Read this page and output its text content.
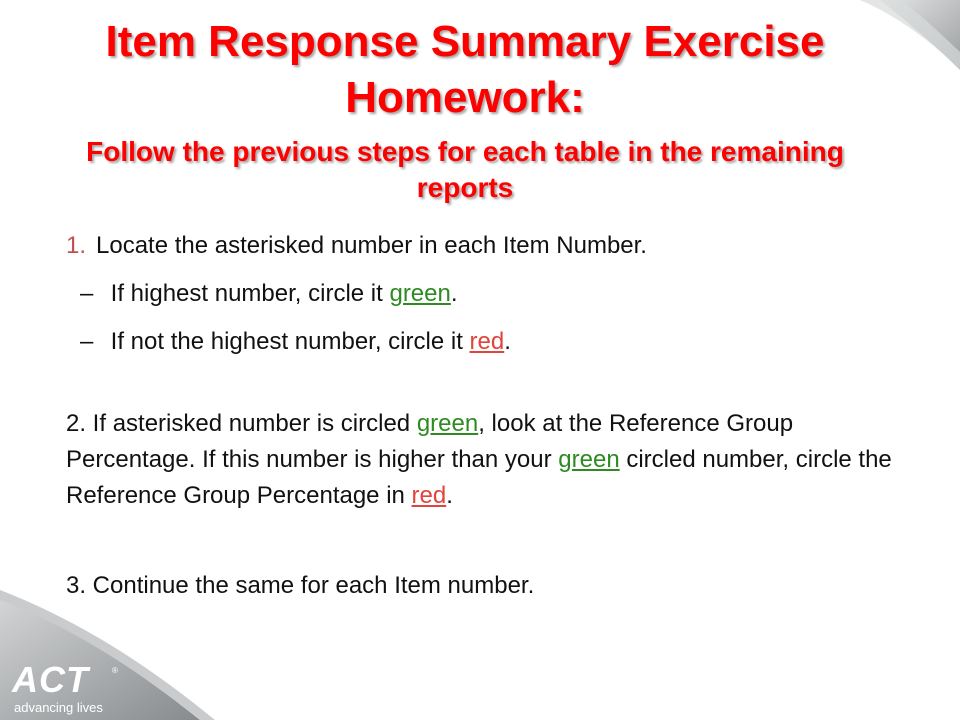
Item Response Summary Exercise Homework:
Follow the previous steps for each table in the remaining reports
1. Locate the asterisked number in each Item Number.
– If highest number, circle it green.
– If not the highest number, circle it red.
2. If asterisked number is circled green, look at the Reference Group Percentage. If this number is higher than your green circled number, circle the Reference Group Percentage in red.
3. Continue the same for each Item number.
ACT	®
advancing lives
